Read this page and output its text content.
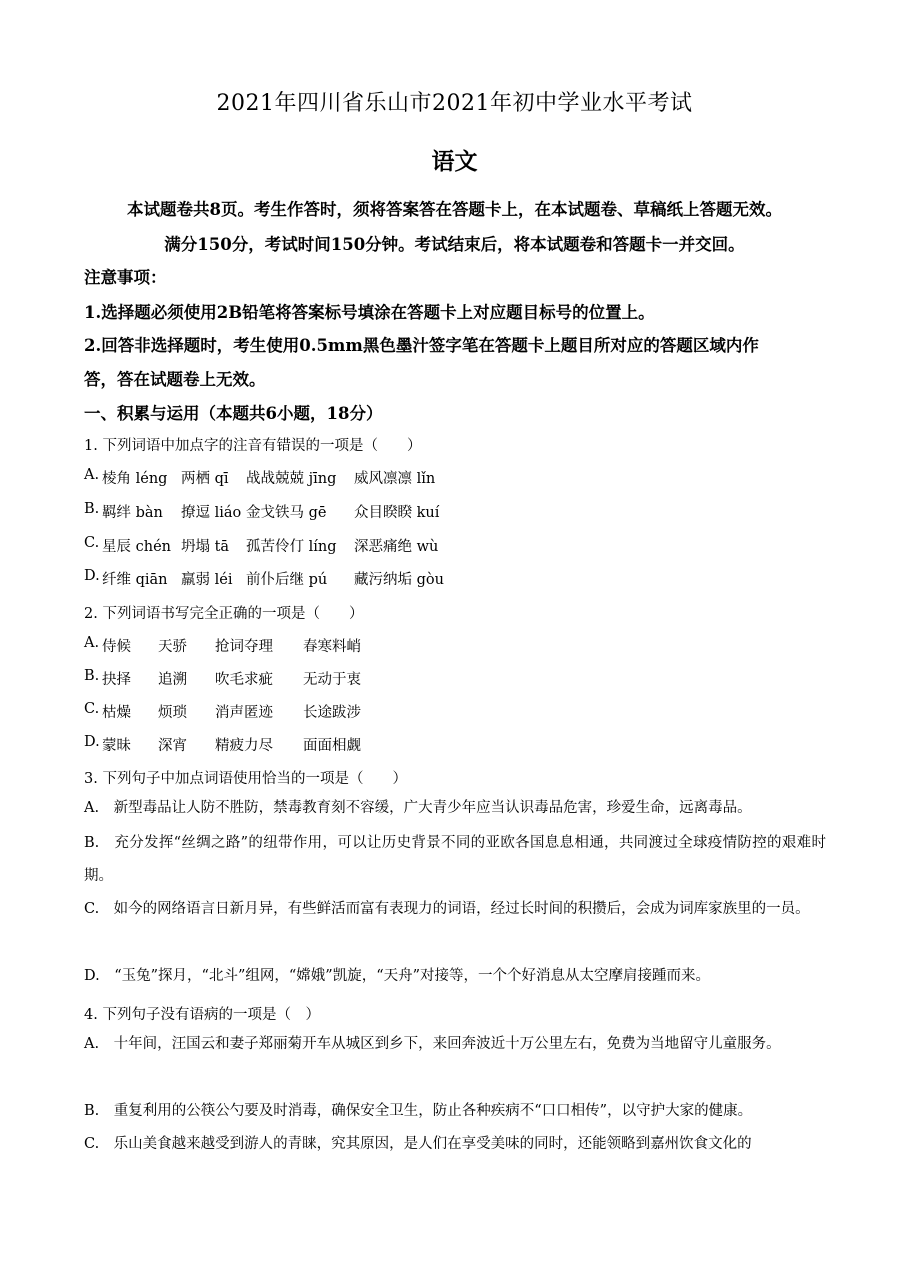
2021年四川省乐山市2021年初中学业水平考试
语文
本试题卷共8页。考生作答时，须将答案答在答题卡上，在本试题卷、草稿纸上答题无效。
满分150分，考试时间150分钟。考试结束后，将本试题卷和答题卡一并交回。
注意事项：
1.选择题必须使用2B铅笔将答案标号填涂在答题卡上对应题目标号的位置上。
2.回答非选择题时，考生使用0.5mm黑色墨汁签字笔在答题卡上题目所对应的答题区域内作
答，答在试题卷上无效。
一、积累与运用（本题共6小题，18分）
1. 下列词语中加点字的注音有错误的一项是（　　）
A. 棱角 léng 两栖 qī 战战兢兢 jīng 威风凛凛 lǐn
B. 羁绊 bàn 撩逗 liáo 金戈铁马 gē 众目睽睽 kuí
C. 星辰 chén 坍塌 tā 孤苦伶仃 líng 深恶痛绝 wù
D. 纤维 qiān 羸弱 léi 前仆后继 pú 藏污纳垢 gòu
2. 下列词语书写完全正确的一项是（　　）
A. 侍候 天骄 抢词夺理 春寒料峭
B. 抉择 追溯 吹毛求疵 无动于衷
C. 枯燥 烦琐 消声匿迹 长途跋涉
D. 蒙昧 深宵 精疲力尽 面面相觑
3. 下列句子中加点词语使用恰当的一项是（　　）
A.　新型毒品让人防不胜防，禁毒教育刻不容缓，广大青少年应当认识毒品危害，珍爱生命，远离毒品。
B.　充分发挥“丝绸之路”的纽带作用，可以让历史背景不同的亚欧各国息息相通，共同渡过全球疫情防控的艰难时期。
C.　如今的网络语言日新月异，有些鲜活而富有表现力的词语，经过长时间的积攒后，会成为词库家族里的一员。
D.　“玉兔”探月，“北斗”组网，“嫦娥”凯旋，“天舟”对接等，一个个好消息从太空摩肩接踵而来。
4. 下列句子没有语病的一项是（　）
A.　十年间，汪国云和妻子郑丽菊开车从城区到乡下，来回奔波近十万公里左右，免费为当地留守儿童服务。
B.　重复利用的公筷公勺要及时消毒，确保安全卫生，防止各种疾病不“口口相传”，以守护大家的健康。
C.　乐山美食越来越受到游人的青睐，究其原因，是人们在享受美味的同时，还能领略到嘉州饮食文化的
